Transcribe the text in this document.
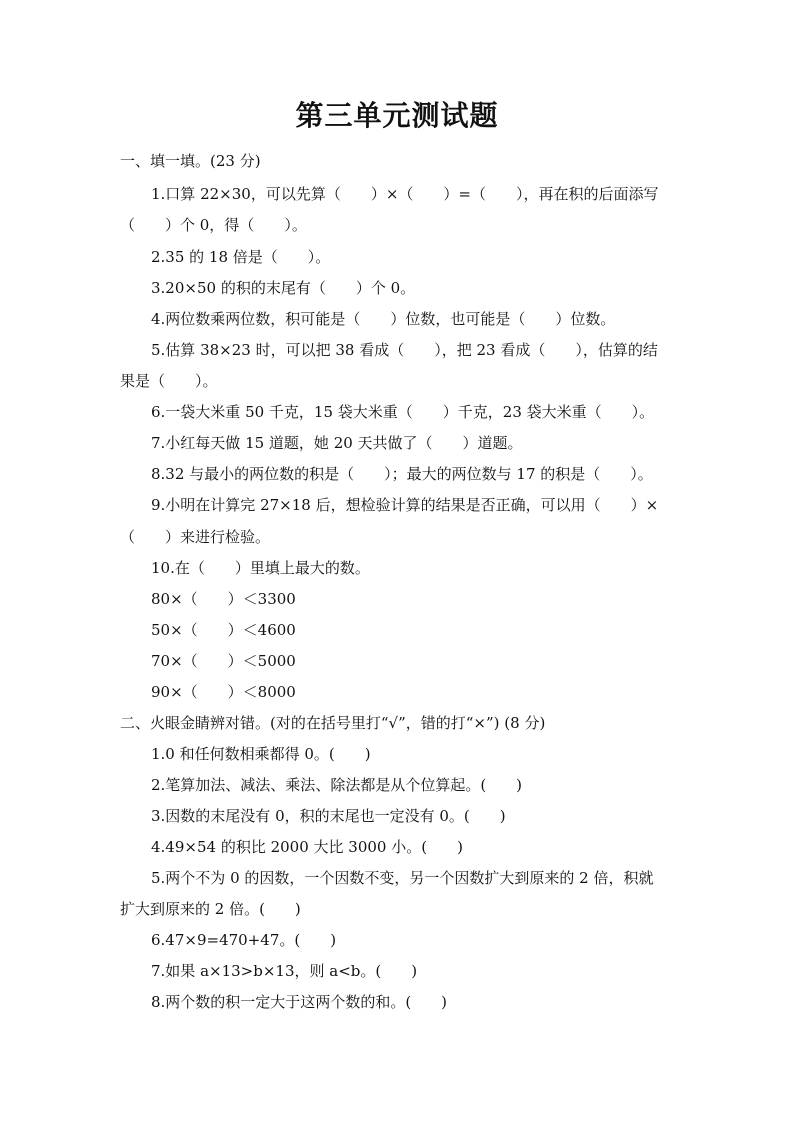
第三单元测试题
一、填一填。(23 分)
1.口算 22×30，可以先算（　　）×（　　）=（　　），再在积的后面添写
（　　）个 0，得（　　）。
2.35 的 18 倍是（　　）。
3.20×50 的积的末尾有（　　）个 0。
4.两位数乘两位数，积可能是（　　）位数，也可能是（　　）位数。
5.估算 38×23 时，可以把 38 看成（　　），把 23 看成（　　），估算的结
果是（　　）。
6.一袋大米重 50 千克，15 袋大米重（　　）千克，23 袋大米重（　　）。
7.小红每天做 15 道题，她 20 天共做了（　　）道题。
8.32 与最小的两位数的积是（　　）；最大的两位数与 17 的积是（　　）。
9.小明在计算完 27×18 后，想检验计算的结果是否正确，可以用（　　）×
（　　）来进行检验。
10.在（　　）里填上最大的数。
80×（　　）＜3300
50×（　　）＜4600
70×（　　）＜5000
90×（　　）＜8000
二、火眼金睛辨对错。(对的在括号里打“√”，错的打“×”) (8 分)
1.0 和任何数相乘都得 0。(　　)
2.笔算加法、减法、乘法、除法都是从个位算起。(　　)
3.因数的末尾没有 0，积的末尾也一定没有 0。(　　)
4.49×54 的积比 2000 大比 3000 小。(　　)
5.两个不为 0 的因数，一个因数不变，另一个因数扩大到原来的 2 倍，积就
扩大到原来的 2 倍。(　　)
6.47×9=470+47。(　　)
7.如果 a×13>b×13，则 a<b。(　　)
8.两个数的积一定大于这两个数的和。(　　)
